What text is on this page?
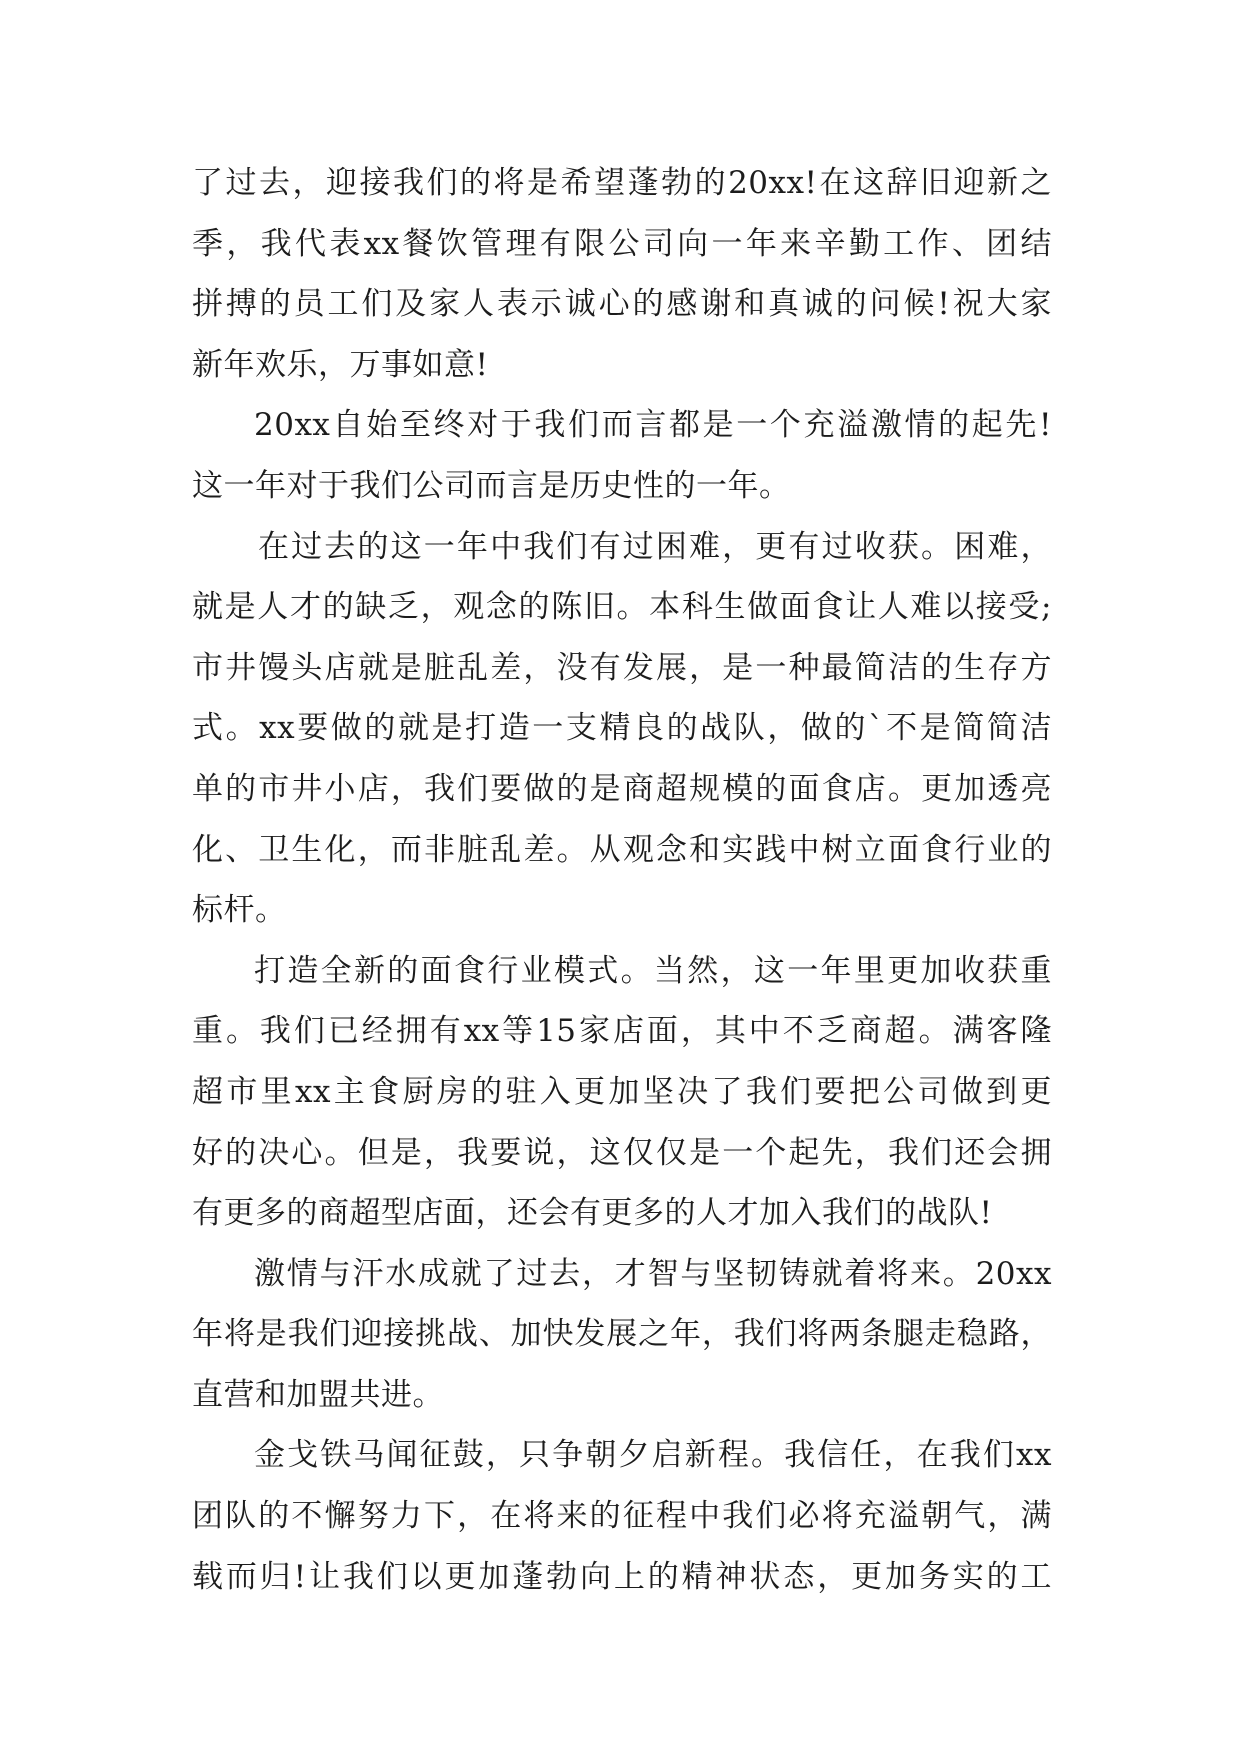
了过去，迎接我们的将是希望蓬勃的20xx!在这辞旧迎新之
季，我代表xx餐饮管理有限公司向一年来辛勤工作、团结
拼搏的员工们及家人表示诚心的感谢和真诚的问候!祝大家
新年欢乐，万事如意!
20xx自始至终对于我们而言都是一个充溢激情的起先!
这一年对于我们公司而言是历史性的一年。
在过去的这一年中我们有过困难，更有过收获。困难，
就是人才的缺乏，观念的陈旧。本科生做面食让人难以接受;
市井馒头店就是脏乱差，没有发展，是一种最简洁的生存方
式。xx要做的就是打造一支精良的战队，做的`不是简简洁
单的市井小店，我们要做的是商超规模的面食店。更加透亮
化、卫生化，而非脏乱差。从观念和实践中树立面食行业的
标杆。
打造全新的面食行业模式。当然，这一年里更加收获重
重。我们已经拥有xx等15家店面，其中不乏商超。满客隆
超市里xx主食厨房的驻入更加坚决了我们要把公司做到更
好的决心。但是，我要说，这仅仅是一个起先，我们还会拥
有更多的商超型店面，还会有更多的人才加入我们的战队!
激情与汗水成就了过去，才智与坚韧铸就着将来。20xx
年将是我们迎接挑战、加快发展之年，我们将两条腿走稳路，
直营和加盟共进。
金戈铁马闻征鼓，只争朝夕启新程。我信任，在我们xx
团队的不懈努力下，在将来的征程中我们必将充溢朝气，满
载而归!让我们以更加蓬勃向上的精神状态，更加务实的工
